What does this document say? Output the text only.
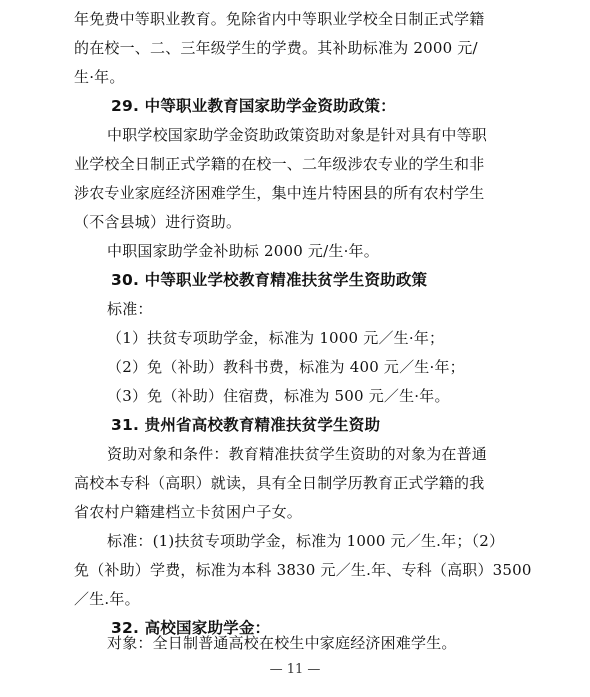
年免费中等职业教育。免除省内中等职业学校全日制正式学籍
的在校一、二、三年级学生的学费。其补助标准为 2000 元/
生·年。
29. 中等职业教育国家助学金资助政策：
中职学校国家助学金资助政策资助对象是针对具有中等职
业学校全日制正式学籍的在校一、二年级涉农专业的学生和非
涉农专业家庭经济困难学生，集中连片特困县的所有农村学生
（不含县城）进行资助。
中职国家助学金补助标 2000 元/生·年。
30. 中等职业学校教育精准扶贫学生资助政策
标准：
（1）扶贫专项助学金，标准为 1000 元／生·年；
（2）免（补助）教科书费，标准为 400 元／生·年；
（3）免（补助）住宿费，标准为 500 元／生·年。
31. 贵州省高校教育精准扶贫学生资助
资助对象和条件：教育精准扶贫学生资助的对象为在普通
高校本专科（高职）就读，具有全日制学历教育正式学籍的我
省农村户籍建档立卡贫困户子女。
标准：(1)扶贫专项助学金，标准为 1000 元／生.年；（2）
免（补助）学费，标准为本科 3830 元／生.年、专科（高职）3500
／生.年。
32. 高校国家助学金：
对象：全日制普通高校在校生中家庭经济困难学生。
— 11 —
